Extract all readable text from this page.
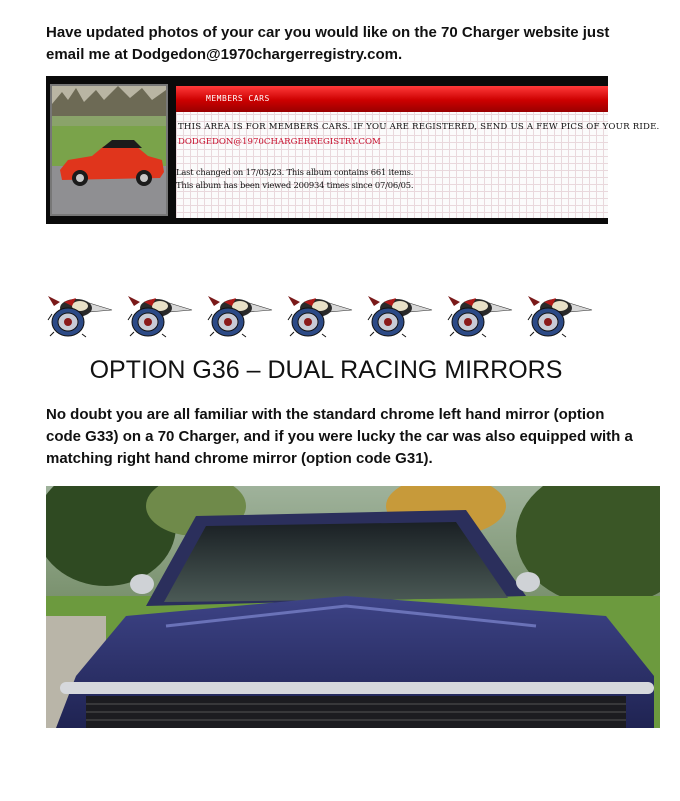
Have updated photos of your car you would like on the 70 Charger website just email me at Dodgedon@1970chargerregistry.com.
MEMBERS CARS
THIS AREA IS FOR MEMBERS CARS. IF YOU ARE REGISTERED, SEND US A FEW PICS OF YOUR RIDE.
DODGEDON@1970CHARGERREGISTRY.COM
Last changed on 17/03/23. This album contains 661 items.
This album has been viewed 200934 times since 07/06/05.
OPTION G36 – DUAL RACING MIRRORS
No doubt you are all familiar with the standard chrome left hand mirror (option code G33) on a 70 Charger, and if you were lucky the car was also equipped with a matching right hand chrome mirror (option code G31).
